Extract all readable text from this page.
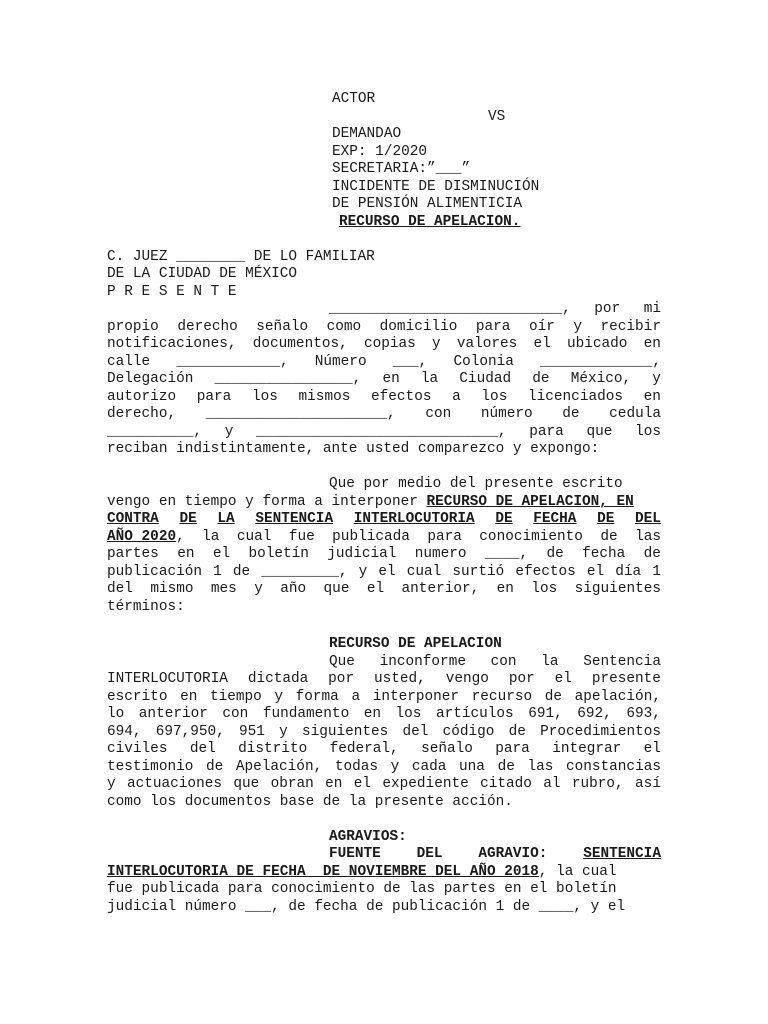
ACTOR
VS
DEMANDAO
EXP: 1/2020
SECRETARIA:”___”
INCIDENTE DE DISMINUCIÓN
DE PENSIÓN ALIMENTICIA
RECURSO DE APELACION.
C. JUEZ ________ DE LO FAMILIAR
DE LA CIUDAD DE MÉXICO
P R E S E N T E
___________________________, por mi
propio derecho señalo como domicilio para oír y recibir
notificaciones, documentos, copias y valores el ubicado en
calle ____________, Número ___, Colonia _____________,
Delegación ________________, en la Ciudad de México, y
autorizo para los mismos efectos a los licenciados en
derecho, _____________________, con número de cedula
__________, y ____________________________, para que los
reciban indistintamente, ante usted comparezco y expongo:
Que por medio del presente escrito
vengo en tiempo y forma a interponer RECURSO DE APELACION, EN
CONTRA DE LA SENTENCIA INTERLOCUTORIA DE FECHA DE DEL
AÑO 2020, la cual fue publicada para conocimiento de las
partes en el boletín judicial numero ____, de fecha de
publicación 1 de _________, y el cual surtió efectos el día 1
del mismo mes y año que el anterior, en los siguientes
términos:
RECURSO DE APELACION
Que inconforme con la Sentencia
INTERLOCUTORIA dictada por usted, vengo por el presente
escrito en tiempo y forma a interponer recurso de apelación,
lo anterior con fundamento en los artículos 691, 692, 693,
694, 697,950, 951 y siguientes del código de Procedimientos
civiles del distrito federal, señalo para integrar el
testimonio de Apelación, todas y cada una de las constancias
y actuaciones que obran en el expediente citado al rubro, así
como los documentos base de la presente acción.
AGRAVIOS:
FUENTE DEL AGRAVIO: SENTENCIA
INTERLOCUTORIA DE FECHA  DE NOVIEMBRE DEL AÑO 2018, la cual
fue publicada para conocimiento de las partes en el boletín
judicial número ___, de fecha de publicación 1 de ____, y el
